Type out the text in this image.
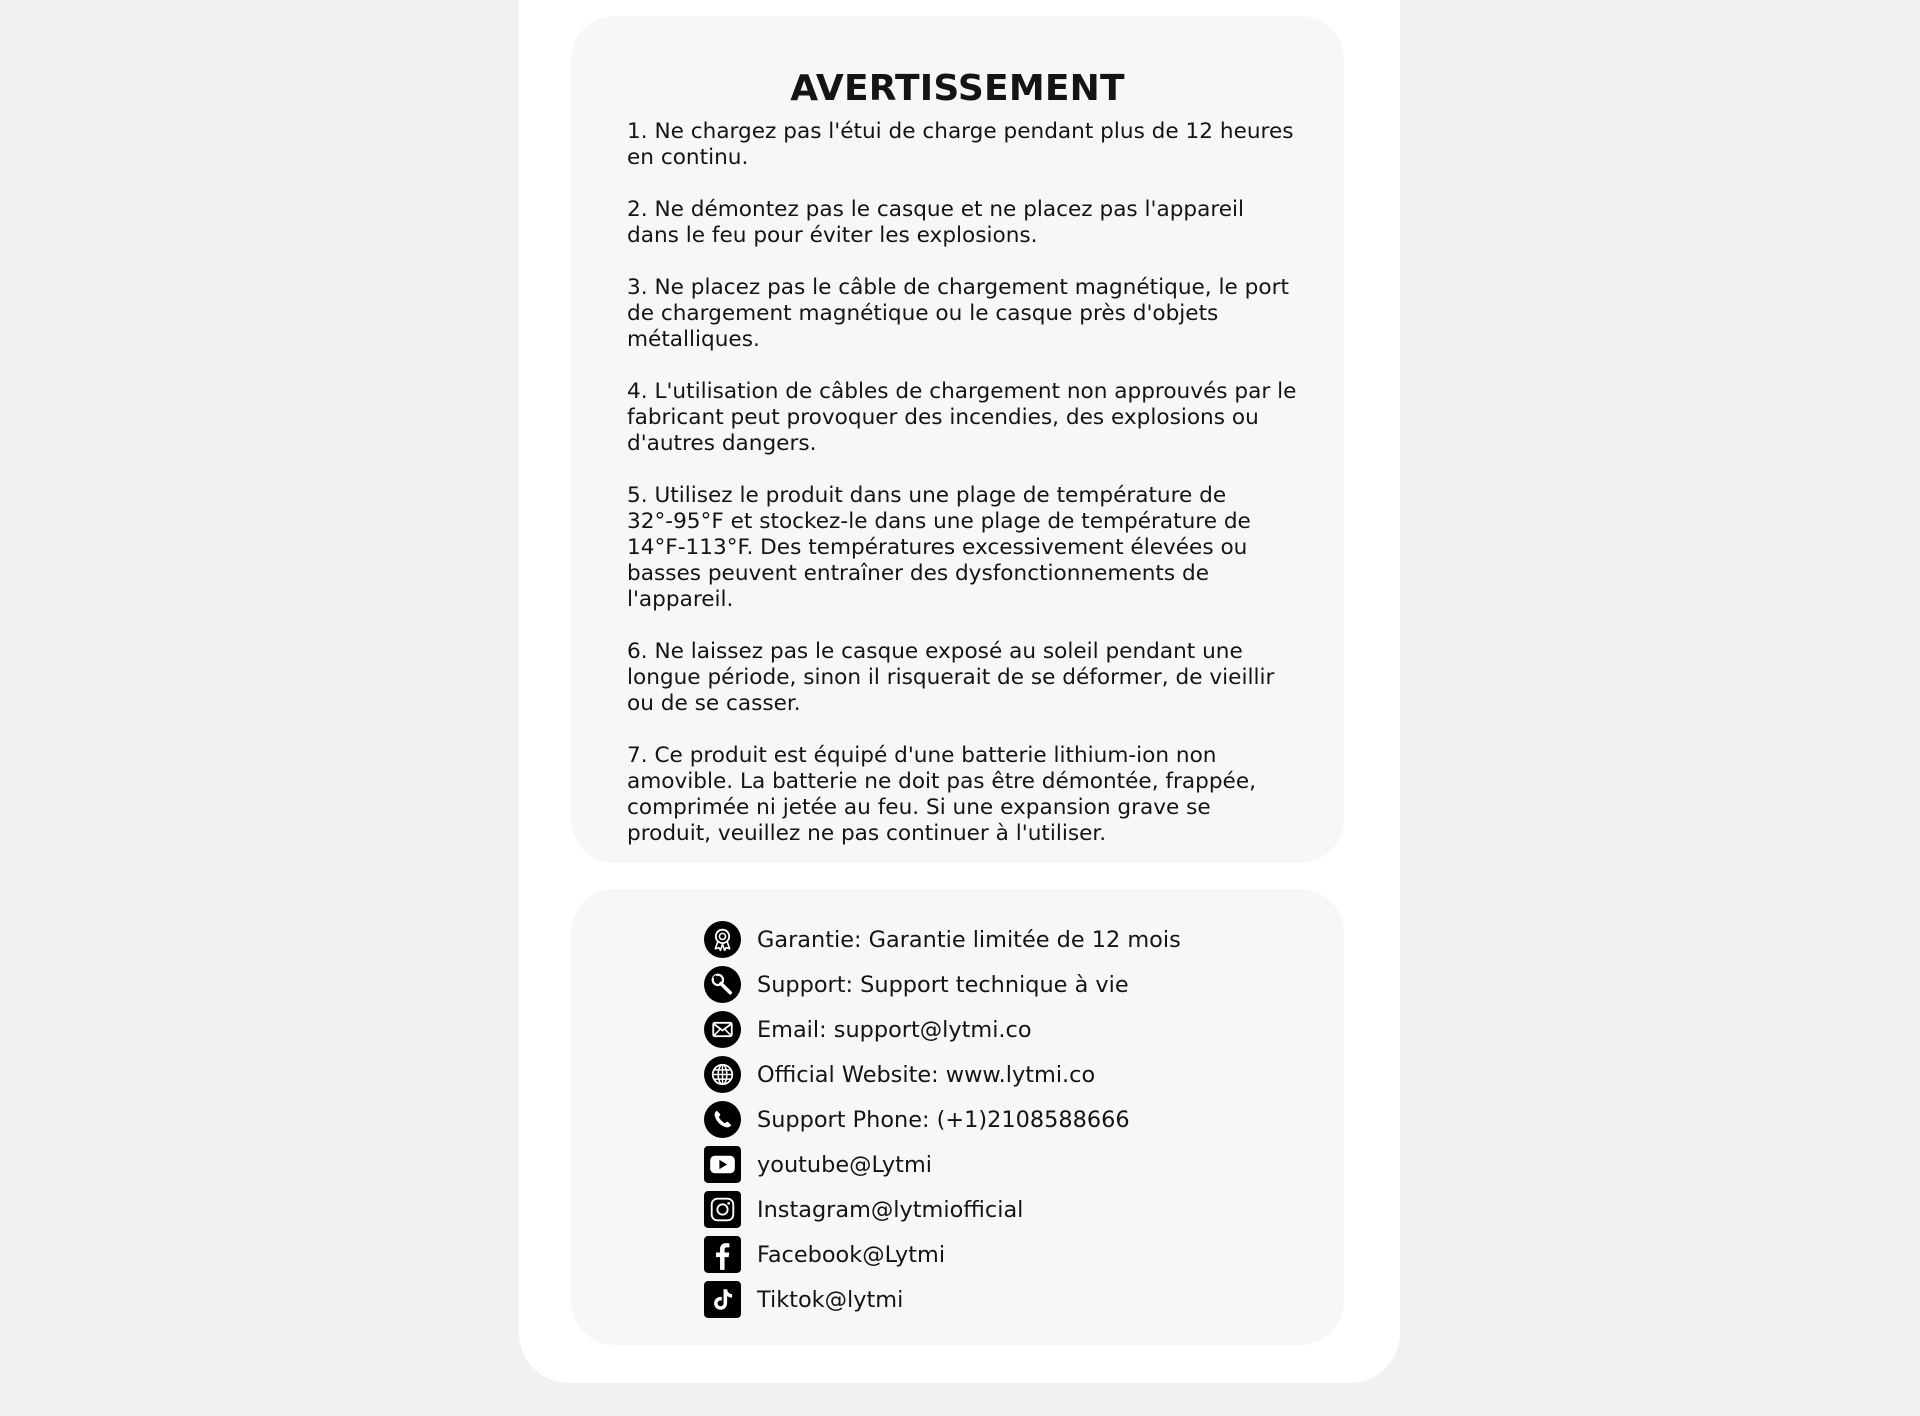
AVERTISSEMENT
1. Ne chargez pas l'étui de charge pendant plus de 12 heures en continu.
2. Ne démontez pas le casque et ne placez pas l'appareil dans le feu pour éviter les explosions.
3. Ne placez pas le câble de chargement magnétique, le port de chargement magnétique ou le casque près d'objets métalliques.
4. L'utilisation de câbles de chargement non approuvés par le fabricant peut provoquer des incendies, des explosions ou d'autres dangers.
5. Utilisez le produit dans une plage de température de 32°-95°F et stockez-le dans une plage de température de 14°F-113°F. Des températures excessivement élevées ou basses peuvent entraîner des dysfonctionnements de l'appareil.
6. Ne laissez pas le casque exposé au soleil pendant une longue période, sinon il risquerait de se déformer, de vieillir ou de se casser.
7. Ce produit est équipé d'une batterie lithium-ion non amovible. La batterie ne doit pas être démontée, frappée, comprimée ni jetée au feu. Si une expansion grave se produit, veuillez ne pas continuer à l'utiliser.
Garantie: Garantie limitée de 12 mois
Support: Support technique à vie
Email: support@lytmi.co
Official Website: www.lytmi.co
Support Phone: (+1)2108588666
youtube@Lytmi
Instagram@lytmiofficial
Facebook@Lytmi
Tiktok@lytmi
